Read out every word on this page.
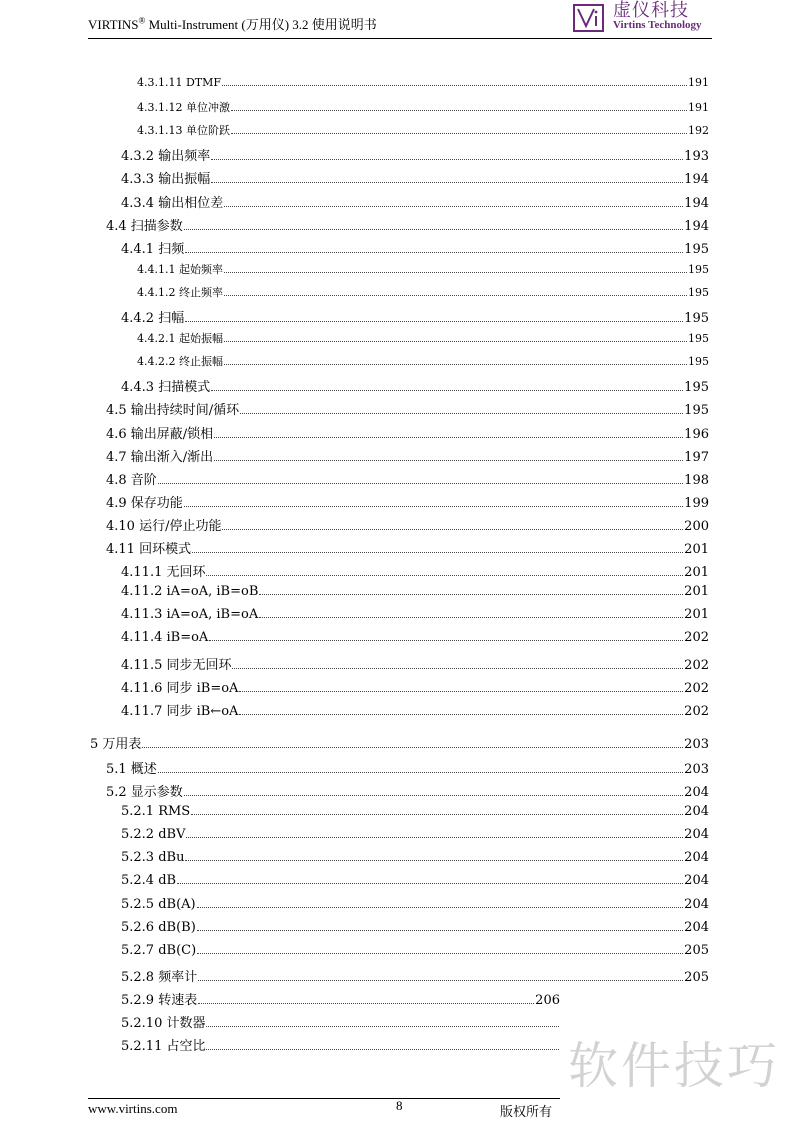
VIRTINS® Multi-Instrument (万用仪) 3.2 使用说明书
虚仪科技
Virtins Technology
4.3.1.11 DTMF	191
4.3.1.12 单位冲激	191
4.3.1.13 单位阶跃	192
4.3.2 输出频率	193
4.3.3 输出振幅	194
4.3.4 输出相位差	194
4.4 扫描参数	194
4.4.1 扫频	195
4.4.1.1 起始频率	195
4.4.1.2 终止频率	195
4.4.2 扫幅	195
4.4.2.1 起始振幅	195
4.4.2.2 终止振幅	195
4.4.3 扫描模式	195
4.5 输出持续时间/循环	195
4.6 输出屏蔽/锁相	196
4.7 输出渐入/渐出	197
4.8 音阶	198
4.9 保存功能	199
4.10 运行/停止功能	200
4.11 回环模式	201
4.11.1 无回环	201
4.11.2 iA=oA, iB=oB	201
4.11.3 iA=oA, iB=oA	201
4.11.4 iB=oA	202
4.11.5 同步无回环	202
4.11.6 同步 iB=oA	202
4.11.7 同步 iB←oA	202
5 万用表	203
5.1 概述	203
5.2 显示参数	204
5.2.1 RMS	204
5.2.2 dBV	204
5.2.3 dBu	204
5.2.4 dB	204
5.2.5 dB(A)	204
5.2.6 dB(B)	204
5.2.7 dB(C)	205
5.2.8 频率计	205
5.2.9 转速表	206
5.2.10 计数器
5.2.11 占空比
www.virtins.com	8	版权所有
软件技巧
